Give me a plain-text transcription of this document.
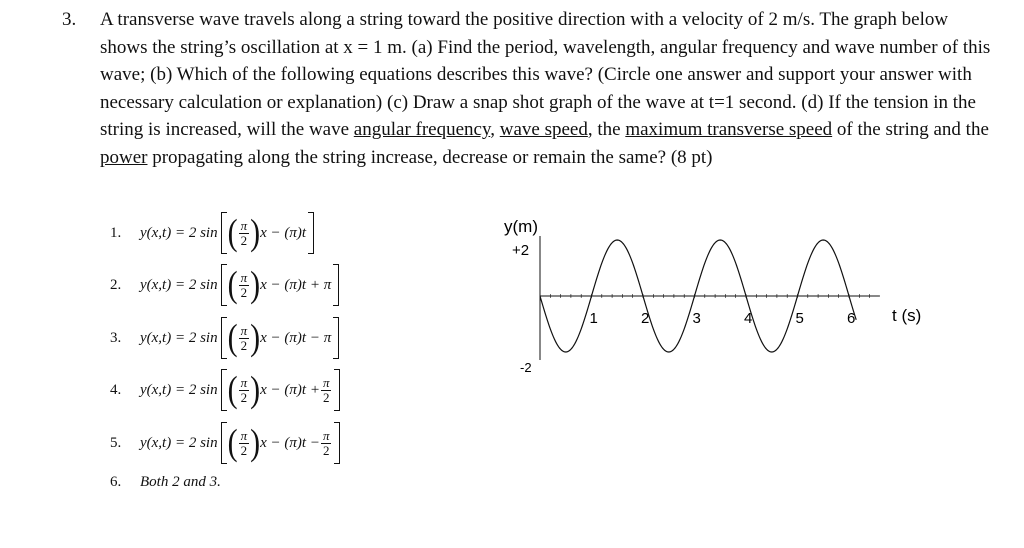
3. A transverse wave travels along a string toward the positive direction with a velocity of 2 m/s. The graph below shows the string’s oscillation at x = 1 m. (a) Find the period, wavelength, angular frequency and wave number of this wave; (b) Which of the following equations describes this wave? (Circle one answer and support your answer with necessary calculation or explanation) (c) Draw a snap shot graph of the wave at t=1 second. (d) If the tension in the string is increased, will the wave angular frequency, wave speed, the maximum transverse speed of the string and the power propagating along the string increase, decrease or remain the same? (8 pt)
1.	y(x,t) = 2 sin ( $\frac{\pi}{2}$ ) x − (π)t
2.	y(x,t) = 2 sin ( $\frac{\pi}{2}$ ) x − (π)t + π
3.	y(x,t) = 2 sin ( $\frac{\pi}{2}$ ) x − (π)t − π
4.	y(x,t) = 2 sin ( $\frac{\pi}{2}$ ) $x - (\pi)t + \frac{\pi}{2}$
5.	y(x,t) = 2 sin ( $\frac{\pi}{2}$ ) $x - (\pi)t - \frac{\pi}{2}$
6.	Both 2 and 3.
y(m)
+2
-2
t (s)
1	2	3	4	5	6
